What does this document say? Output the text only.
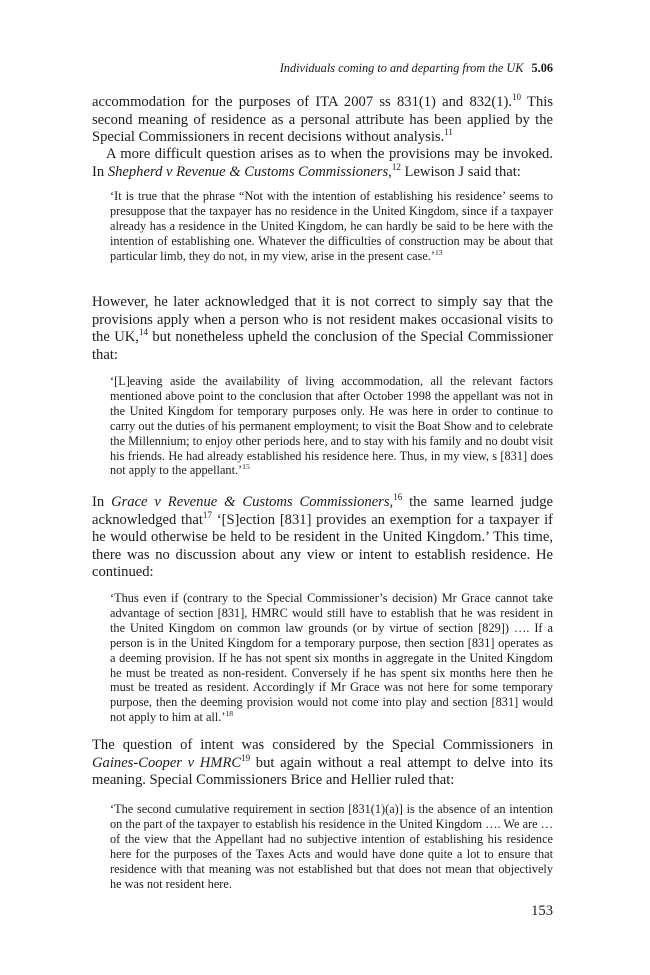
Individuals coming to and departing from the UK 5.06

accommodation for the purposes of ITA 2007 ss 831(1) and 832(1).$^{10}$ This second meaning of residence as a personal attribute has been applied by the Special Commissioners in recent decisions without analysis.$^{11}$

A more difficult question arises as to when the provisions may be invoked. In Shepherd v Revenue & Customs Commissioners,$^{12}$ Lewison J said that:

‘It is true that the phrase “Not with the intention of establishing his residence’ seems to presuppose that the taxpayer has no residence in the United Kingdom, since if a taxpayer already has a residence in the United Kingdom, he can hardly be said to be here with the intention of establishing one. Whatever the difficulties of construction may be about that particular limb, they do not, in my view, arise in the present case.’$^{13}$

However, he later acknowledged that it is not correct to simply say that the provisions apply when a person who is not resident makes occasional visits to the UK,$^{14}$ but nonetheless upheld the conclusion of the Special Commissioner that:

‘[L]eaving aside the availability of living accommodation, all the relevant factors mentioned above point to the conclusion that after October 1998 the appellant was not in the United Kingdom for temporary purposes only. He was here in order to continue to carry out the duties of his permanent employment; to visit the Boat Show and to celebrate the Millennium; to enjoy other periods here, and to stay with his family and no doubt visit his friends. He had already established his residence here. Thus, in my view, s [831] does not apply to the appellant.’$^{15}$

In Grace v Revenue & Customs Commissioners,$^{16}$ the same learned judge acknowledged that$^{17}$ ‘[S]ection [831] provides an exemption for a taxpayer if he would otherwise be held to be resident in the United Kingdom.’ This time, there was no discussion about any view or intent to establish residence. He continued:

‘Thus even if (contrary to the Special Commissioner’s decision) Mr Grace cannot take advantage of section [831], HMRC would still have to establish that he was resident in the United Kingdom on common law grounds (or by virtue of section [829]) …. If a person is in the United Kingdom for a temporary purpose, then section [831] operates as a deeming provision. If he has not spent six months in aggregate in the United Kingdom he must be treated as non-resident. Conversely if he has spent six months here then he must be treated as resident. Accordingly if Mr Grace was not here for some temporary purpose, then the deeming provision would not come into play and section [831] would not apply to him at all.’$^{18}$

The question of intent was considered by the Special Commissioners in Gaines-Cooper v HMRC$^{19}$ but again without a real attempt to delve into its meaning. Special Commissioners Brice and Hellier ruled that:

‘The second cumulative requirement in section [831(1)(a)] is the absence of an intention on the part of the taxpayer to establish his residence in the United Kingdom …. We are … of the view that the Appellant had no subjective intention of establishing his residence here for the purposes of the Taxes Acts and would have done quite a lot to ensure that residence with that meaning was not established but that does not mean that objectively he was not resident here.

153
